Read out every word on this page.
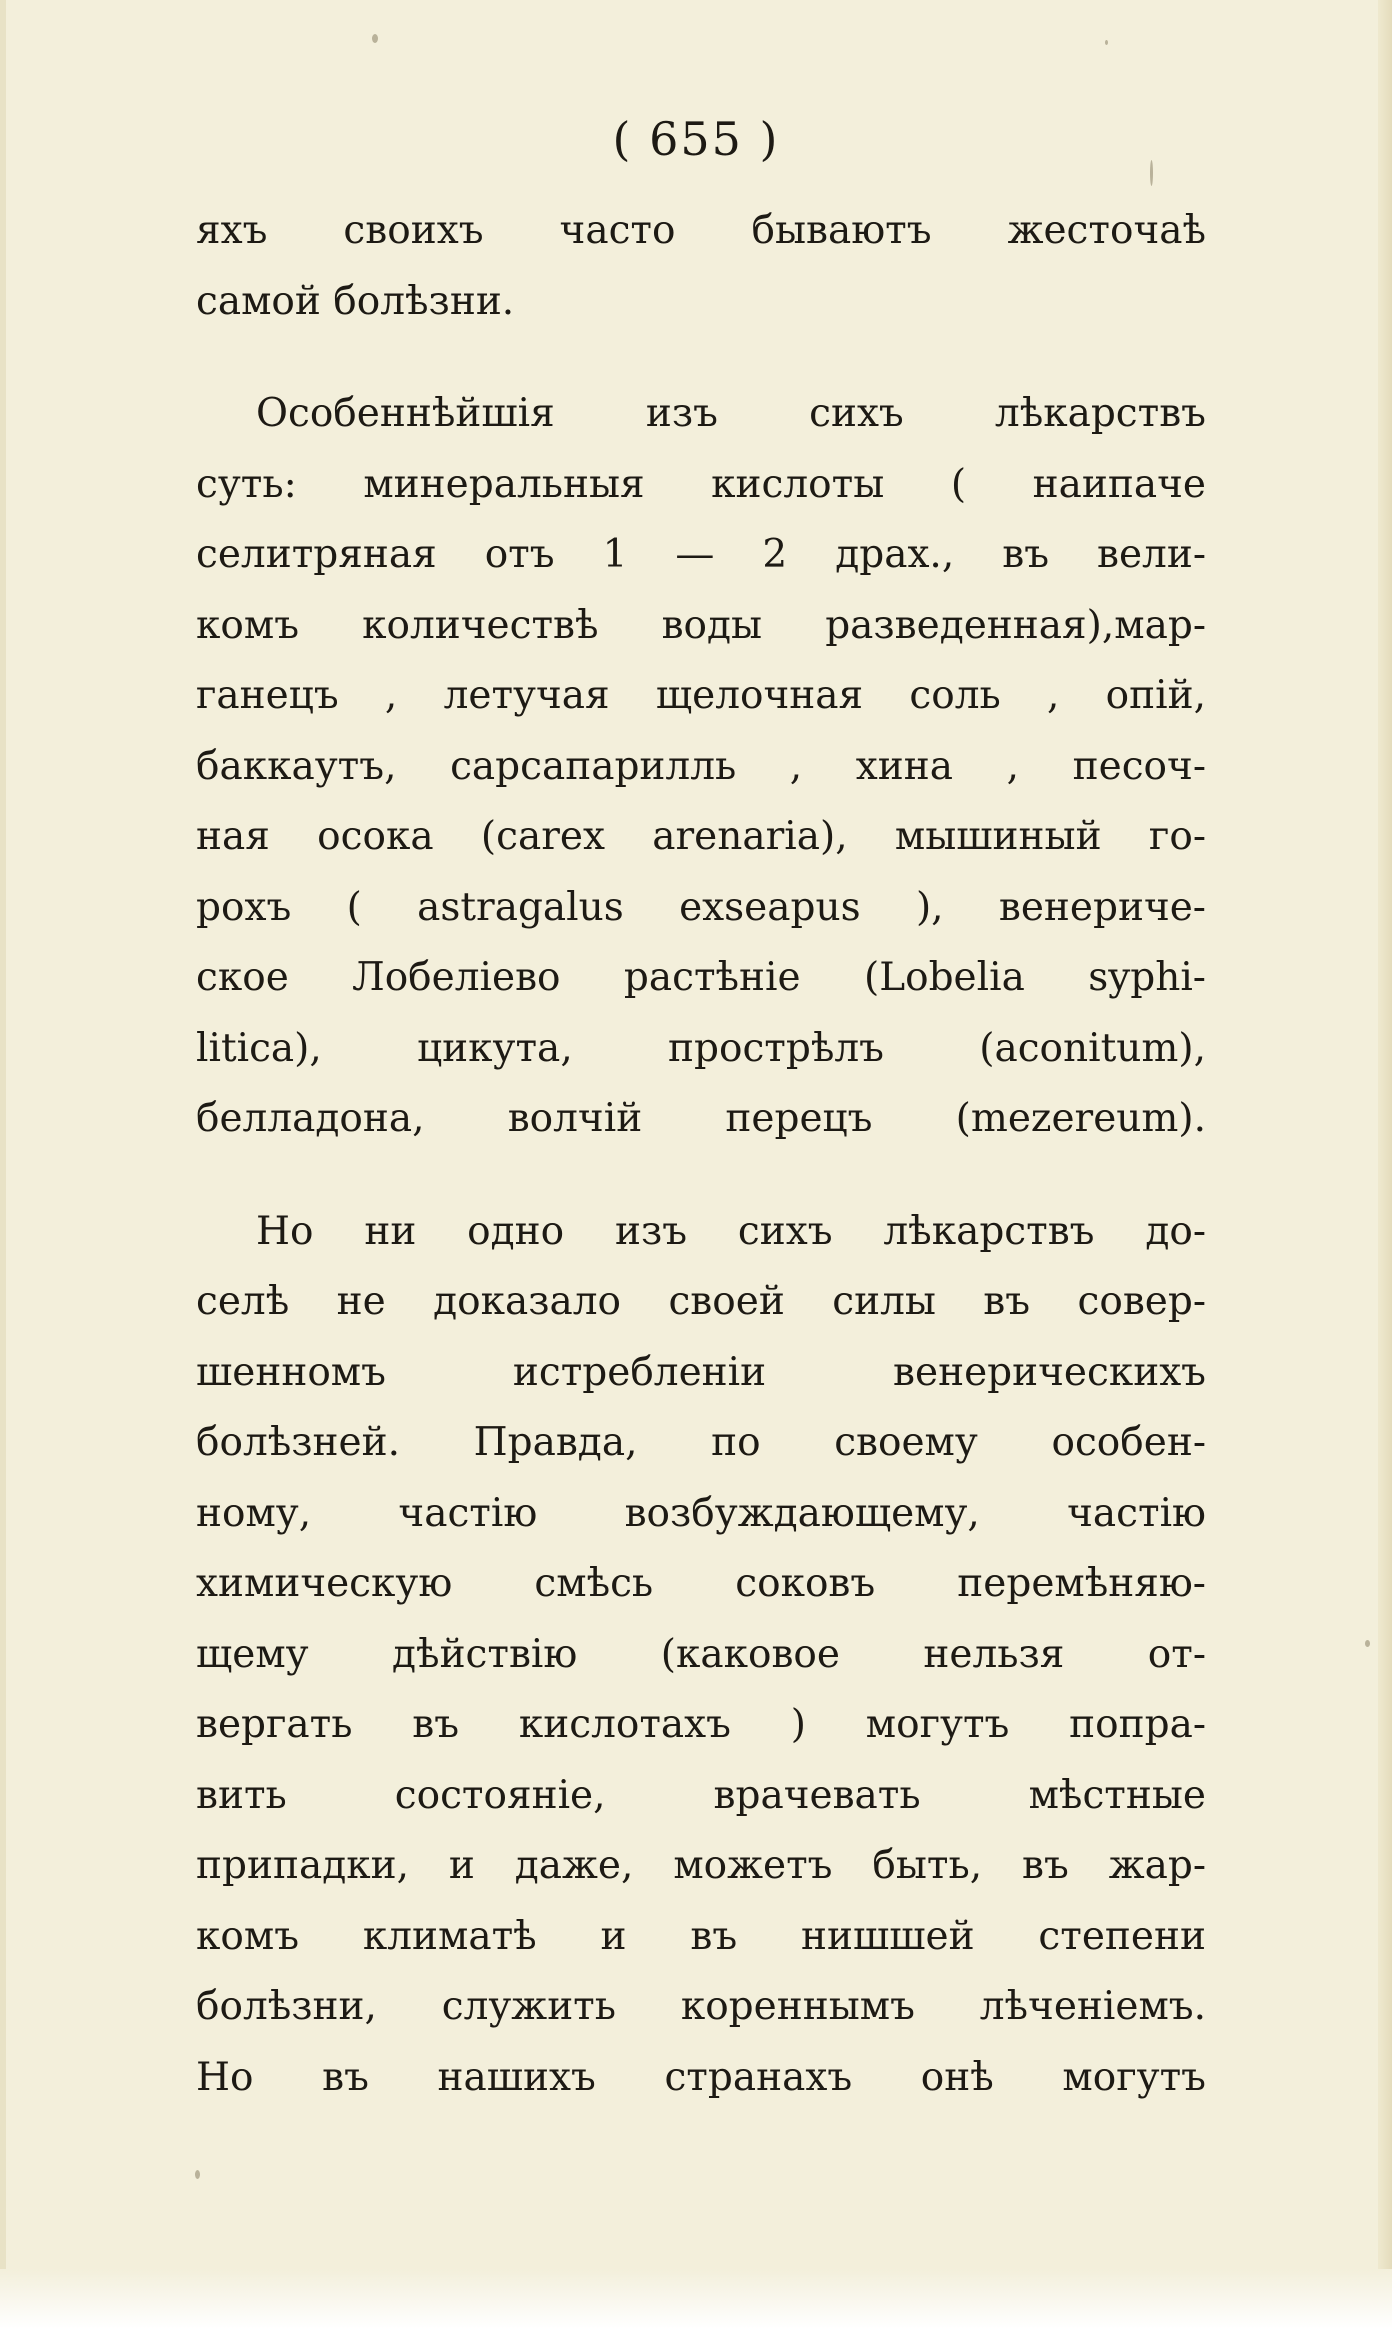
( 655 )
яхъ своихъ часто бываютъ жесточаѣ
самой болѣзни.
Особеннѣйшія изъ сихъ лѣкарствъ
суть: минеральныя кислоты ( наипаче
селитряная отъ 1 — 2 драх., въ вели-
комъ количествѣ воды разведенная),мар-
ганецъ , летучая щелочная соль , опій,
баккаутъ, сарсапарилль , хина , песоч-
ная осока (carex arenaria), мышиный го-
рохъ ( astragalus exseapus ), венериче-
ское Лобеліево растѣніе (Lobelia syphi-
litica), цикута, прострѣлъ (aconitum),
белладона, волчій перецъ (mezereum).
Но ни одно изъ сихъ лѣкарствъ до-
селѣ не доказало своей силы въ совер-
шенномъ истребленіи венерическихъ
болѣзней. Правда, по своему особен-
ному, частію возбуждающему, частію
химическую смѣсь соковъ перемѣняю-
щему дѣйствію (каковое нельзя от-
вергать въ кислотахъ ) могутъ попра-
вить состояніе, врачевать мѣстные
припадки, и даже, можетъ быть, въ жар-
комъ климатѣ и въ нишшей степени
болѣзни, служить кореннымъ лѣченіемъ.
Но въ нашихъ странахъ онѣ могутъ
